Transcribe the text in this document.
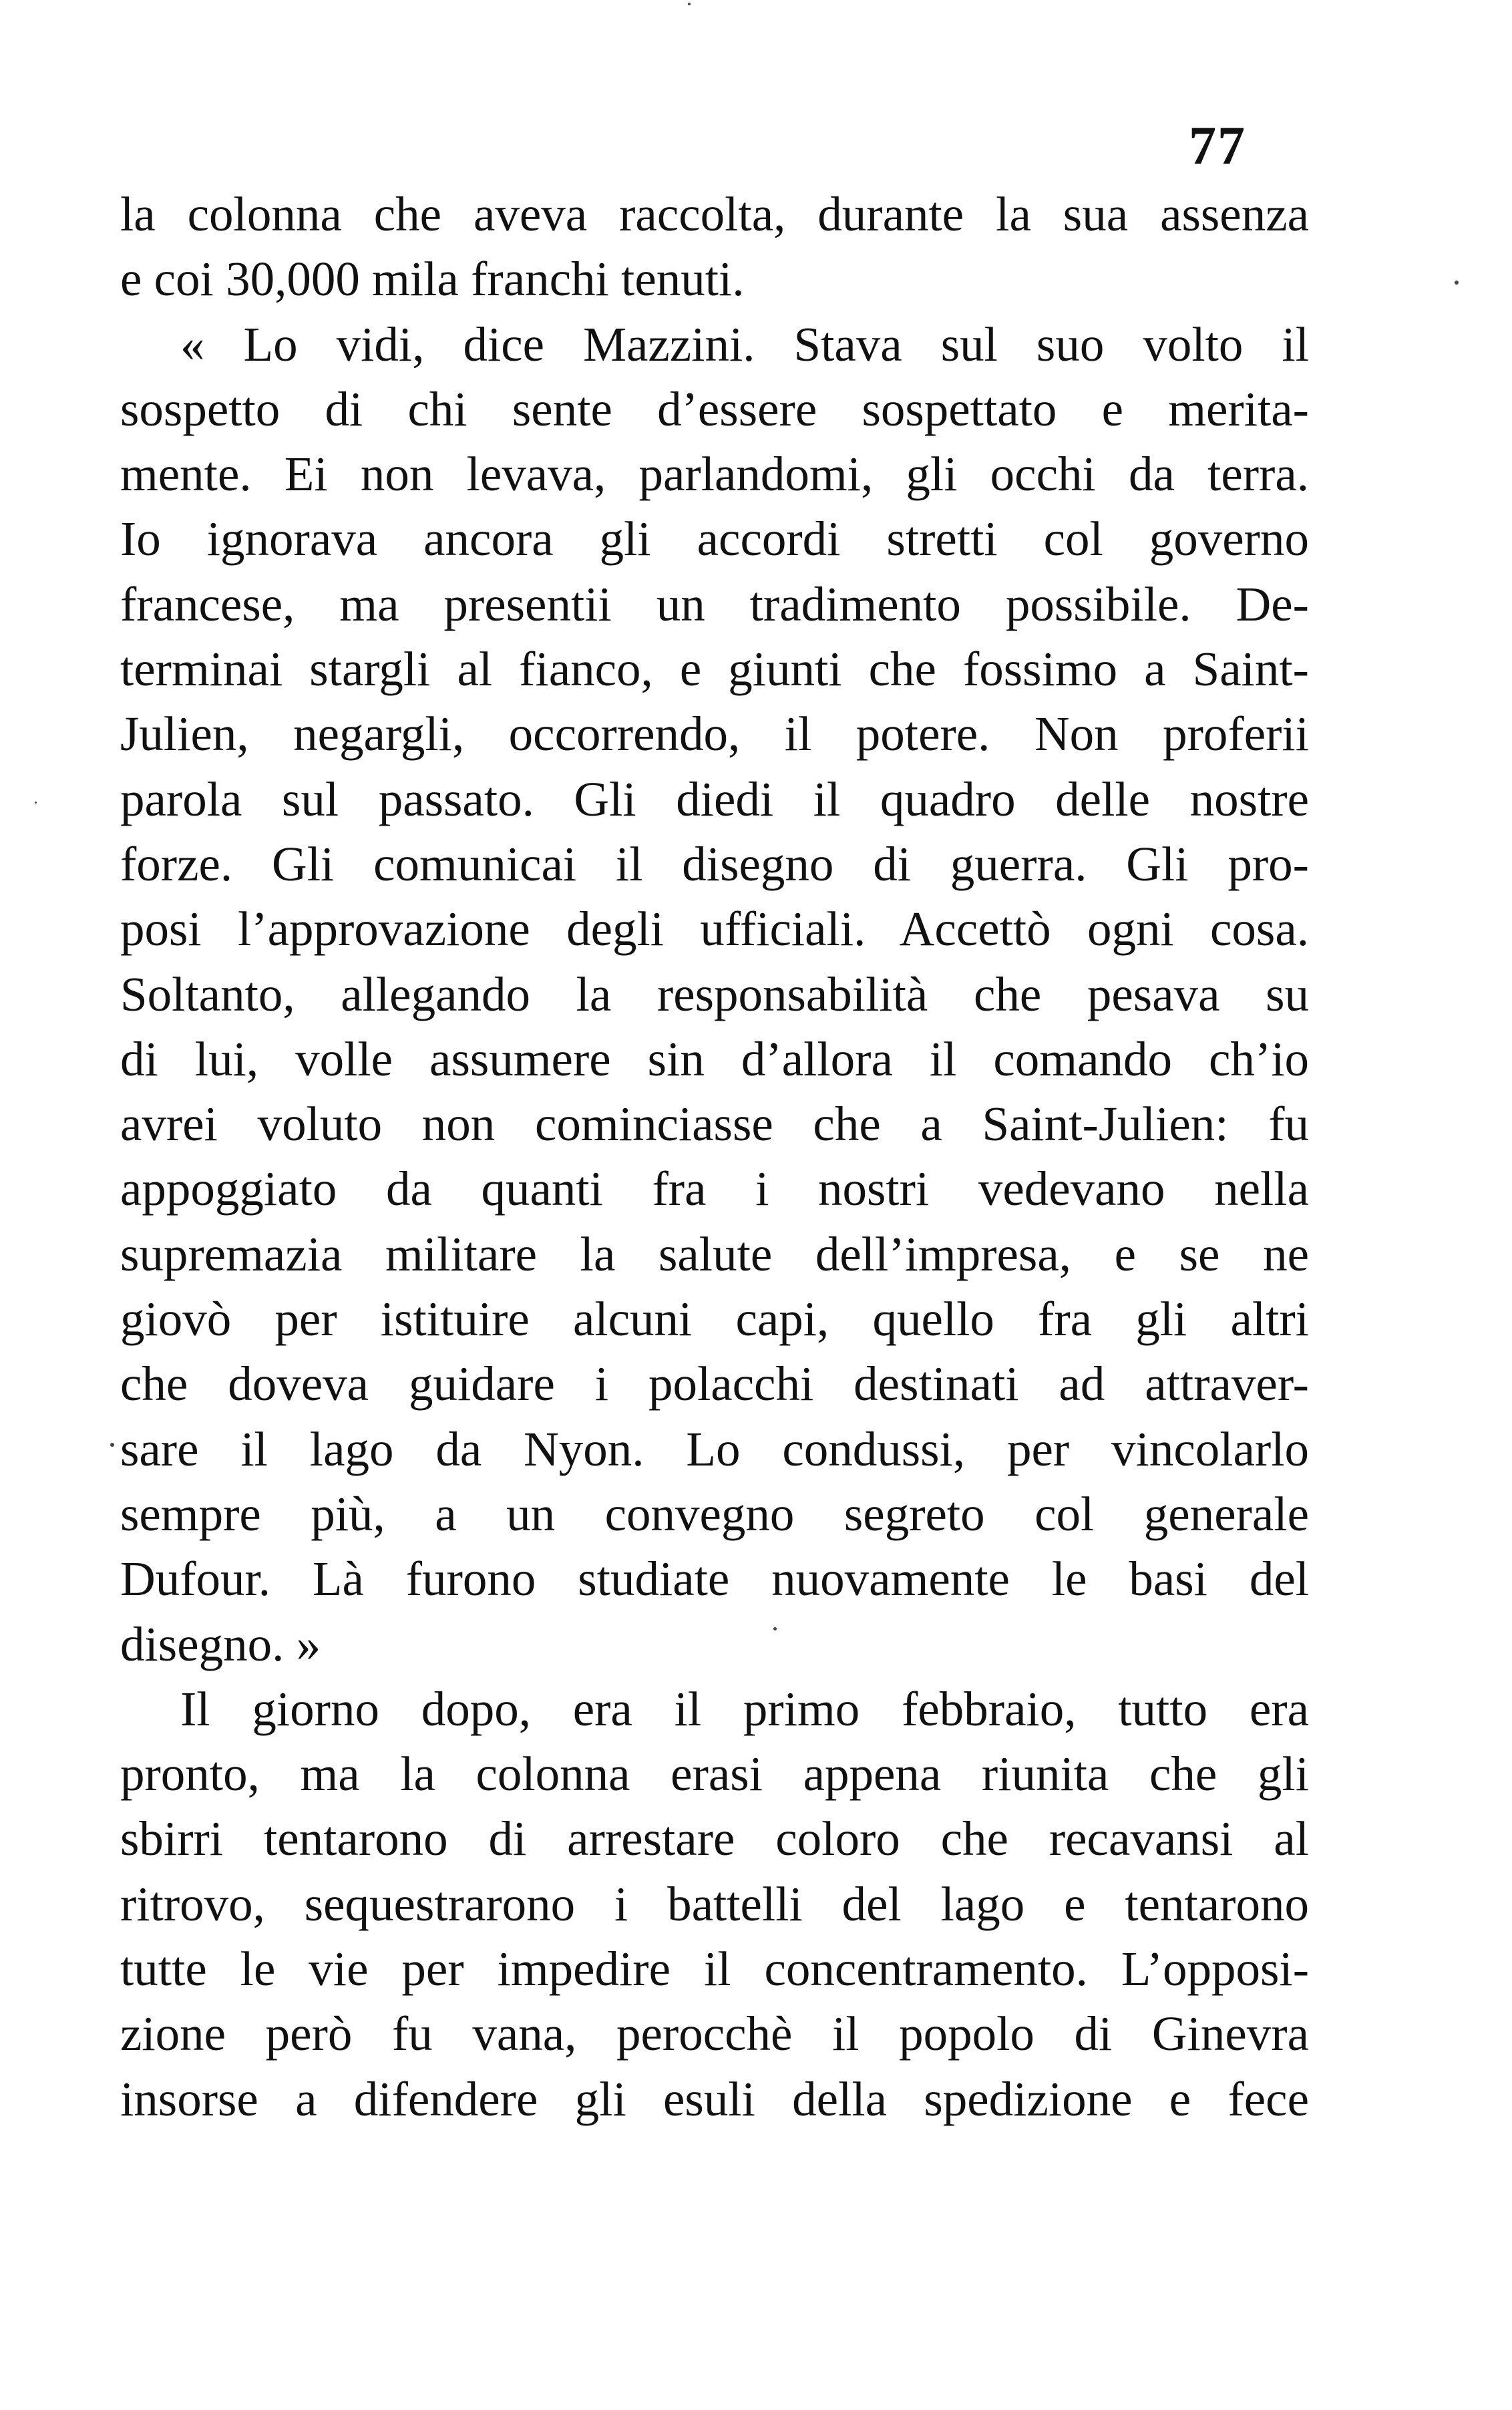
77
la colonna che aveva raccolta, durante la sua assenza
e coi 30,000 mila franchi tenuti.
« Lo vidi, dice Mazzini. Stava sul suo volto il
sospetto di chi sente d’essere sospettato e merita-
mente. Ei non levava, parlandomi, gli occhi da terra.
Io ignorava ancora gli accordi stretti col governo
francese, ma presentii un tradimento possibile. De-
terminai stargli al fianco, e giunti che fossimo a Saint-
Julien, negargli, occorrendo, il potere. Non proferii
parola sul passato. Gli diedi il quadro delle nostre
forze. Gli comunicai il disegno di guerra. Gli pro-
posi l’approvazione degli ufficiali. Accettò ogni cosa.
Soltanto, allegando la responsabilità che pesava su
di lui, volle assumere sin d’allora il comando ch’io
avrei voluto non cominciasse che a Saint-Julien: fu
appoggiato da quanti fra i nostri vedevano nella
supremazia militare la salute dell’impresa, e se ne
giovò per istituire alcuni capi, quello fra gli altri
che doveva guidare i polacchi destinati ad attraver-
sare il lago da Nyon. Lo condussi, per vincolarlo
sempre più, a un convegno segreto col generale
Dufour. Là furono studiate nuovamente le basi del
disegno. »
Il giorno dopo, era il primo febbraio, tutto era
pronto, ma la colonna erasi appena riunita che gli
sbirri tentarono di arrestare coloro che recavansi al
ritrovo, sequestrarono i battelli del lago e tentarono
tutte le vie per impedire il concentramento. L’opposi-
zione però fu vana, perocchè il popolo di Ginevra
insorse a difendere gli esuli della spedizione e fece
